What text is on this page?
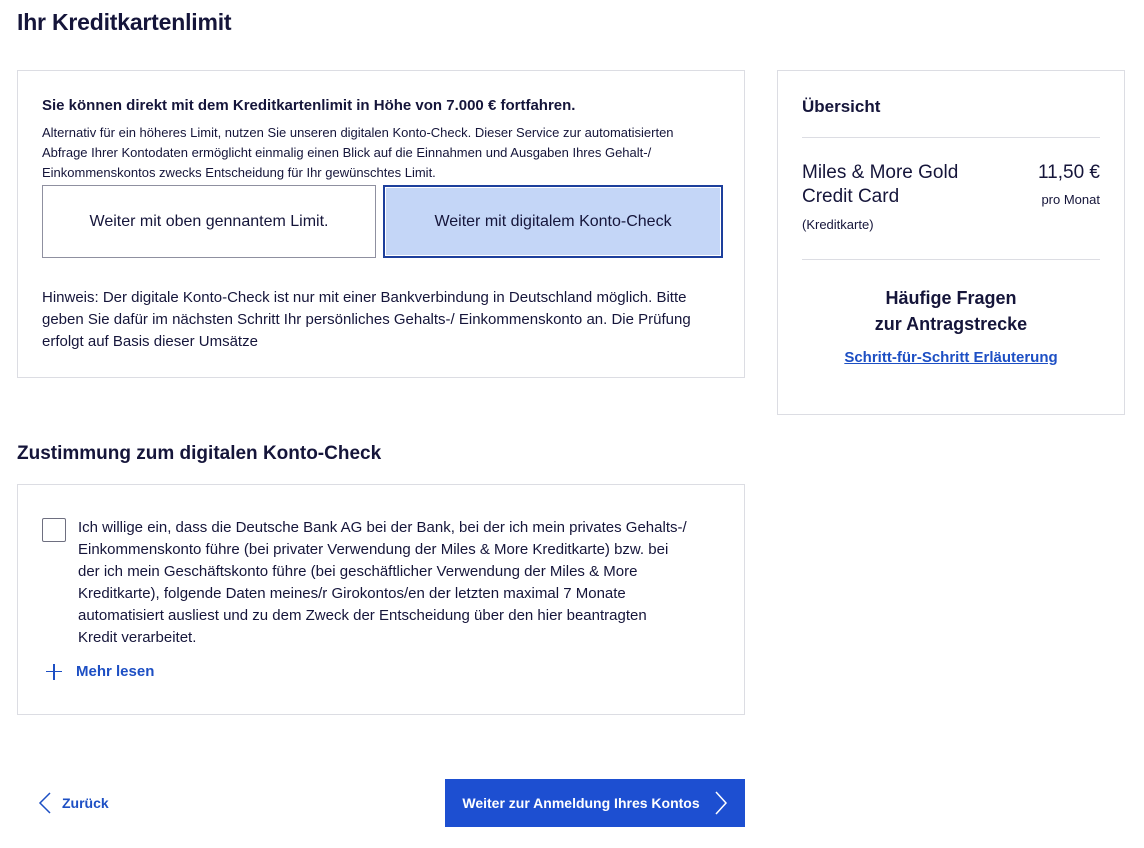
Ihr Kreditkartenlimit
Sie können direkt mit dem Kreditkartenlimit in Höhe von 7.000 € fortfahren.
Alternativ für ein höheres Limit, nutzen Sie unseren digitalen Konto-Check. Dieser Service zur automatisierten Abfrage Ihrer Kontodaten ermöglicht einmalig einen Blick auf die Einnahmen und Ausgaben Ihres Gehalt-/ Einkommenskontos zwecks Entscheidung für Ihr gewünschtes Limit.
Weiter mit oben gennantem Limit.	Weiter mit digitalem Konto-Check
Hinweis: Der digitale Konto-Check ist nur mit einer Bankverbindung in Deutschland möglich. Bitte geben Sie dafür im nächsten Schritt Ihr persönliches Gehalts-/ Einkommenskonto an. Die Prüfung erfolgt auf Basis dieser Umsätze
Übersicht
Miles & More Gold Credit Card
(Kreditkarte)
11,50 €
pro Monat
Häufige Fragen
zur Antragstrecke
Schritt-für-Schritt Erläuterung
Zustimmung zum digitalen Konto-Check
Ich willige ein, dass die Deutsche Bank AG bei der Bank, bei der ich mein privates Gehalts-/ Einkommenskonto führe (bei privater Verwendung der Miles & More Kreditkarte) bzw. bei der ich mein Geschäftskonto führe (bei geschäftlicher Verwendung der Miles & More Kreditkarte), folgende Daten meines/r Girokontos/en der letzten maximal 7 Monate automatisiert ausliest und zu dem Zweck der Entscheidung über den hier beantragten Kredit verarbeitet.
Mehr lesen
Zurück	Weiter zur Anmeldung Ihres Kontos
